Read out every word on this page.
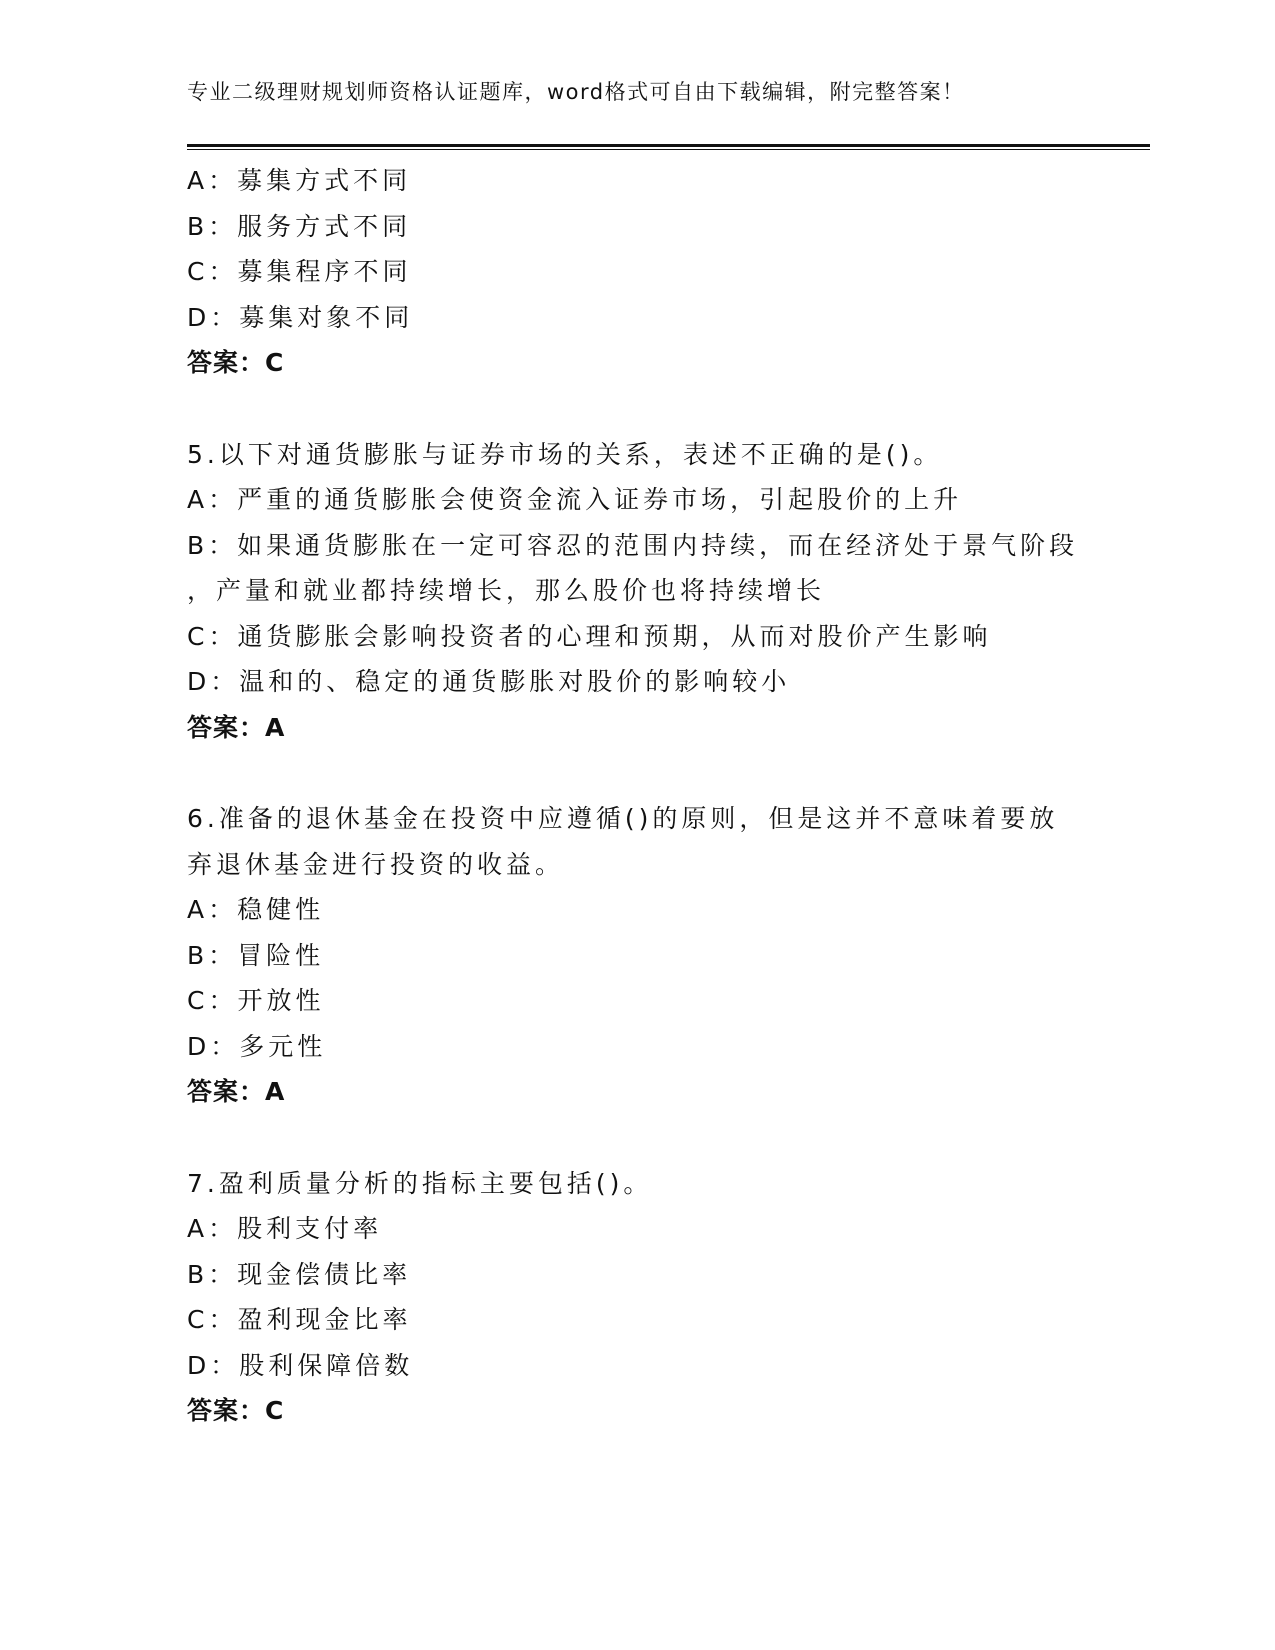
专业二级理财规划师资格认证题库，word格式可自由下载编辑，附完整答案！
A：募集方式不同
B：服务方式不同
C：募集程序不同
D：募集对象不同
答案：C
5.以下对通货膨胀与证券市场的关系，表述不正确的是()。
A：严重的通货膨胀会使资金流入证券市场，引起股价的上升
B：如果通货膨胀在一定可容忍的范围内持续，而在经济处于景气阶段
，产量和就业都持续增长，那么股价也将持续增长
C：通货膨胀会影响投资者的心理和预期，从而对股价产生影响
D：温和的、稳定的通货膨胀对股价的影响较小
答案：A
6.准备的退休基金在投资中应遵循()的原则，但是这并不意味着要放
弃退休基金进行投资的收益。
A：稳健性
B：冒险性
C：开放性
D：多元性
答案：A
7.盈利质量分析的指标主要包括()。
A：股利支付率
B：现金偿债比率
C：盈利现金比率
D：股利保障倍数
答案：C
